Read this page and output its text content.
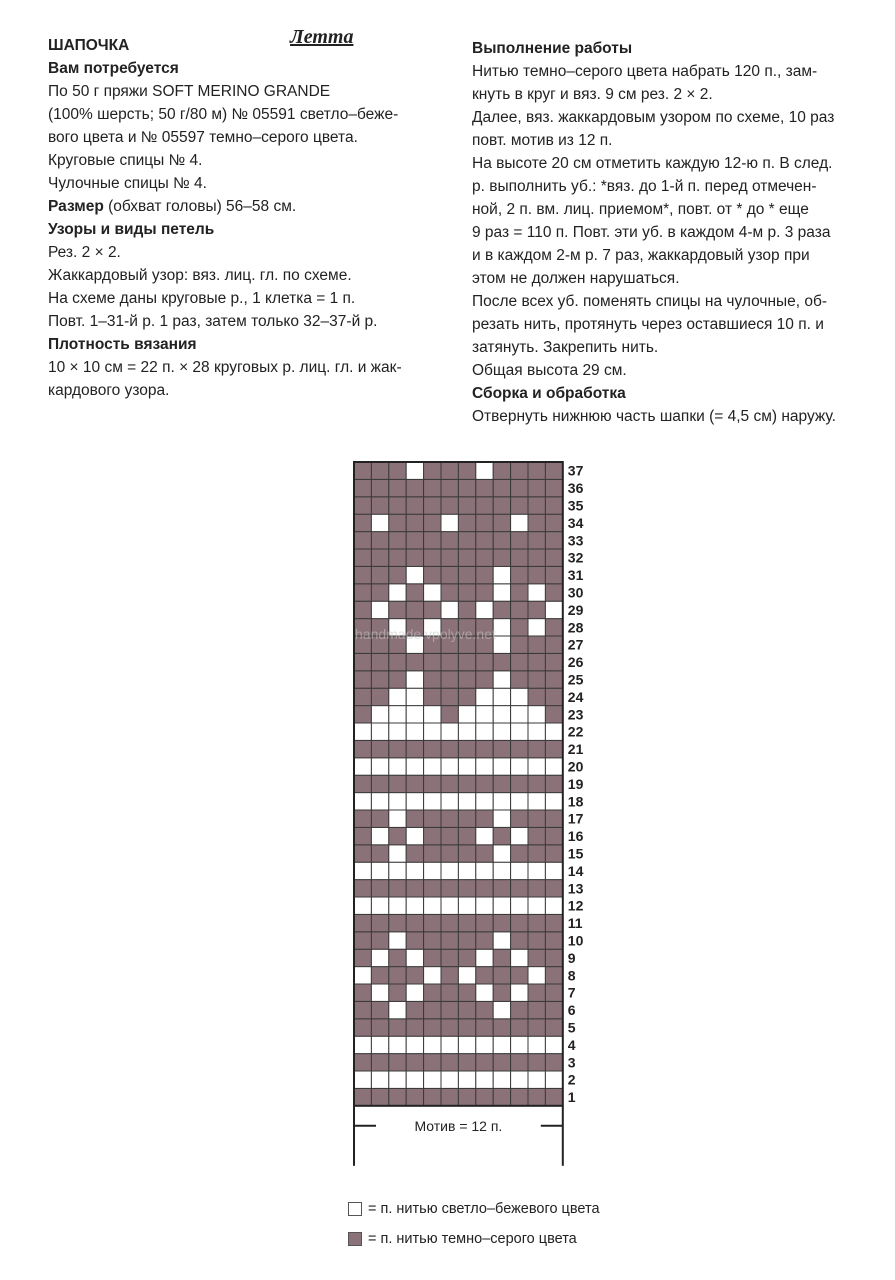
Летта
ШАПОЧКА
Вам потребуется
По 50 г пряжи SOFT MERINO GRANDE
(100% шерсть; 50 г/80 м) № 05591 светло–беже-
вого цвета и № 05597 темно–серого цвета.
Круговые спицы № 4.
Чулочные спицы № 4.
Размер (обхват головы) 56–58 см.
Узоры и виды петель
Рез. 2 × 2.
Жаккардовый узор: вяз. лиц. гл. по схеме.
На схеме даны круговые р., 1 клетка = 1 п.
Повт. 1–31-й р. 1 раз, затем только 32–37-й р.
Плотность вязания
10 × 10 см = 22 п. × 28 круговых р. лиц. гл. и жак-
кардового узора.
Выполнение работы
Нитью темно–серого цвета набрать 120 п., зам-
кнуть в круг и вяз. 9 см рез. 2 × 2.
Далее, вяз. жаккардовым узором по схеме, 10 раз
повт. мотив из 12 п.
На высоте 20 см отметить каждую 12-ю п. В след.
р. выполнить уб.: *вяз. до 1-й п. перед отмечен-
ной, 2 п. вм. лиц. приемом*, повт. от * до * еще
9 раз = 110 п. Повт. эти уб. в каждом 4-м р. 3 раза
и в каждом 2-м р. 7 раз, жаккардовый узор при
этом не должен нарушаться.
После всех уб. поменять спицы на чулочные, об-
резать нить, протянуть через оставшиеся 10 п. и
затянуть. Закрепить нить.
Общая высота 29 см.
Сборка и обработка
Отвернуть нижнюю часть шапки (= 4,5 см) наружу.
1
2
3
4
5
6
7
8
9
10
11
12
13
14
15
16
17
18
19
20
21
22
23
24
25
26
27
28
29
30
31
32
33
34
35
36
37
Мотив = 12 п.
handmade.vpolyve.net
= п. нитью светло–бежевого цвета
= п. нитью темно–серого цвета
